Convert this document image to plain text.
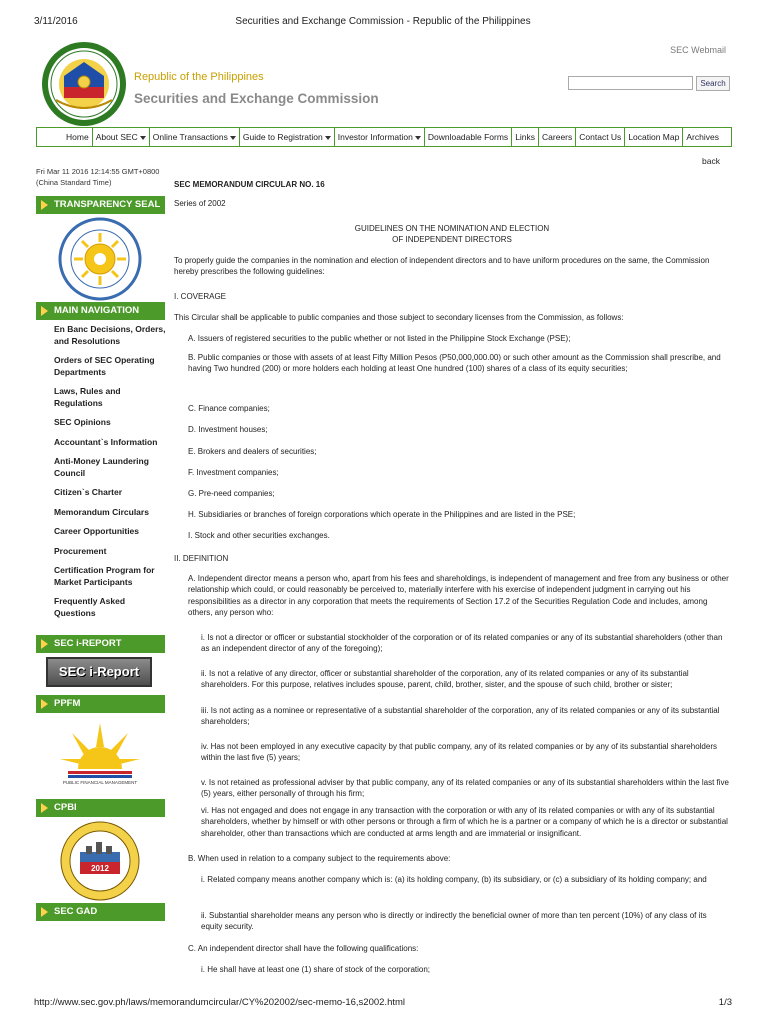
3/11/2016	Securities and Exchange Commission - Republic of the Philippines
Republic of the Philippines
Securities and Exchange Commission
SEC Webmail
Search
Home About SEC	Online Transactions	Guide to Registration	Investor Information	Downloadable Forms Links Careers Contact Us Location Map Archives
Fri Mar 11 2016 12:14:55 GMT+0800
(China Standard Time)
TRANSPARENCY SEAL
MAIN NAVIGATION
En Banc Decisions, Orders, and Resolutions
Orders of SEC Operating Departments
Laws, Rules and Regulations
SEC Opinions
Accountant`s Information
Anti-Money Laundering Council
Citizen`s Charter
Memorandum Circulars
Career Opportunities
Procurement
Certification Program for Market Participants
Frequently Asked Questions
SEC i-REPORT
SEC i-Report
PPFM
PUBLIC FINANCIAL MANAGEMENT
CPBI
2012
SEC GAD
back
SEC MEMORANDUM CIRCULAR NO. 16
Series of 2002
GUIDELINES ON THE NOMINATION AND ELECTION
OF INDEPENDENT DIRECTORS
To properly guide the companies in the nomination and election of independent directors and to have uniform procedures on the same, the Commission hereby prescribes the following guidelines:
I. COVERAGE
This Circular shall be applicable to public companies and those subject to secondary licenses from the Commission, as follows:
A. Issuers of registered securities to the public whether or not listed in the Philippine Stock Exchange (PSE);
B. Public companies or those with assets of at least Fifty Million Pesos (P50,000,000.00) or such other amount as the Commission shall prescribe, and having Two hundred (200) or more holders each holding at least One hundred (100) shares of a class of its equity securities;
C. Finance companies;
D. Investment houses;
E. Brokers and dealers of securities;
F. Investment companies;
G. Pre-need companies;
H. Subsidiaries or branches of foreign corporations which operate in the Philippines and are listed in the PSE;
I. Stock and other securities exchanges.
II. DEFINITION
A. Independent director means a person who, apart from his fees and shareholdings, is independent of management and free from any business or other relationship which could, or could reasonably be perceived to, materially interfere with his exercise of independent judgment in carrying out his responsibilities as a director in any corporation that meets the requirements of Section 17.2 of the Securities Regulation Code and includes, among others, any person who:
i. Is not a director or officer or substantial stockholder of the corporation or of its related companies or any of its substantial shareholders (other than as an independent director of any of the foregoing);
ii. Is not a relative of any director, officer or substantial shareholder of the corporation, any of its related companies or any of its substantial shareholders. For this purpose, relatives includes spouse, parent, child, brother, sister, and the spouse of such child, brother or sister;
iii. Is not acting as a nominee or representative of a substantial shareholder of the corporation, any of its related companies or any of its substantial shareholders;
iv. Has not been employed in any executive capacity by that public company, any of its related companies or by any of its substantial shareholders within the last five (5) years;
v. Is not retained as professional adviser by that public company, any of its related companies or any of its substantial shareholders within the last five (5) years, either personally of through his firm;
vi. Has not engaged and does not engage in any transaction with the corporation or with any of its related companies or with any of its substantial shareholders, whether by himself or with other persons or through a firm of which he is a partner or a company of which he is a director or substantial shareholder, other than transactions which are conducted at arms length and are immaterial or insignificant.
B. When used in relation to a company subject to the requirements above:
i. Related company means another company which is: (a) its holding company, (b) its subsidiary, or (c) a subsidiary of its holding company; and
ii. Substantial shareholder means any person who is directly or indirectly the beneficial owner of more than ten percent (10%) of any class of its equity security.
C. An independent director shall have the following qualifications:
i. He shall have at least one (1) share of stock of the corporation;
http://www.sec.gov.ph/laws/memorandumcircular/CY%202002/sec-memo-16,s2002.html	1/3
